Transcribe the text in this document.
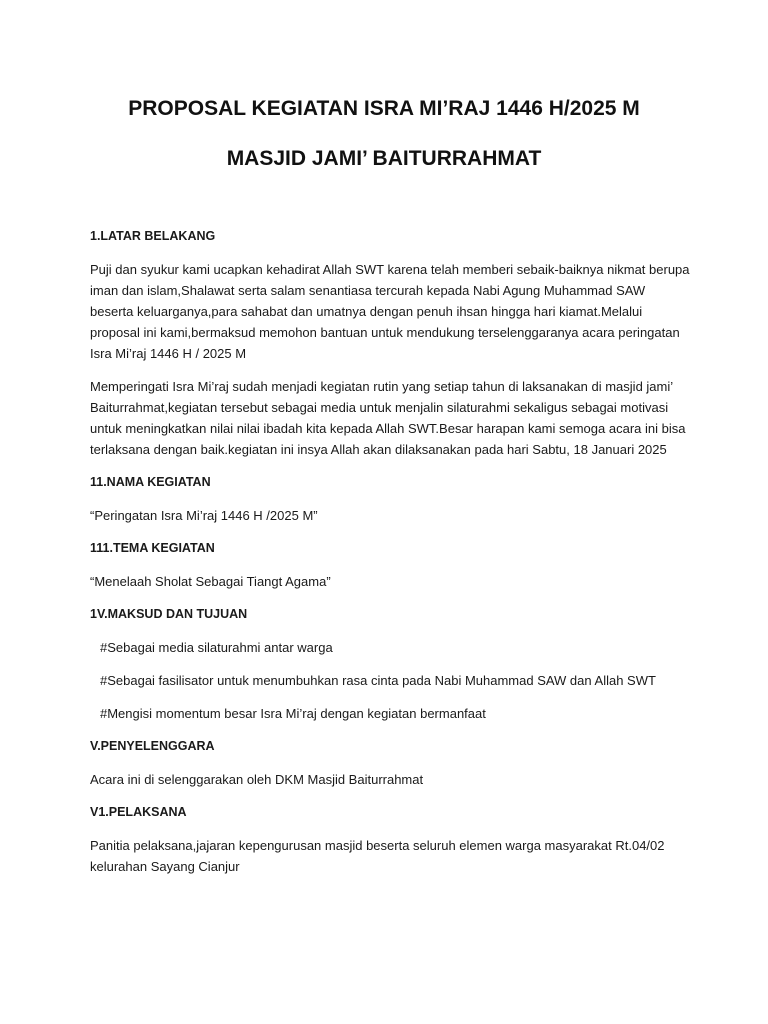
PROPOSAL KEGIATAN ISRA MI’RAJ 1446 H/2025 M
MASJID JAMI’ BAITURRAHMAT
1.LATAR BELAKANG

Puji dan syukur kami ucapkan kehadirat Allah SWT karena telah memberi sebaik-baiknya nikmat berupa iman dan islam,Shalawat serta salam senantiasa tercurah kepada Nabi Agung Muhammad SAW beserta keluarganya,para sahabat dan umatnya dengan penuh ihsan hingga hari kiamat.Melalui proposal ini kami,bermaksud memohon bantuan untuk mendukung terselenggaranya acara peringatan Isra Mi’raj 1446 H / 2025 M

Memperingati Isra Mi’raj sudah menjadi kegiatan rutin yang setiap tahun di laksanakan di masjid jami’ Baiturrahmat,kegiatan tersebut sebagai media untuk menjalin silaturahmi sekaligus sebagai motivasi untuk meningkatkan nilai nilai ibadah kita kepada Allah SWT.Besar harapan kami semoga acara ini bisa terlaksana dengan baik.kegiatan ini insya Allah akan dilaksanakan pada hari Sabtu, 18 Januari 2025

11.NAMA KEGIATAN

“Peringatan Isra Mi’raj 1446 H /2025 M”

111.TEMA KEGIATAN

“Menelaah Sholat Sebagai Tiangt Agama”

1V.MAKSUD DAN TUJUAN

#Sebagai media silaturahmi antar warga

#Sebagai fasilisator untuk menumbuhkan rasa cinta pada Nabi Muhammad SAW dan Allah SWT

#Mengisi momentum besar Isra Mi’raj dengan kegiatan bermanfaat

V.PENYELENGGARA

Acara ini di selenggarakan oleh DKM Masjid Baiturrahmat

V1.PELAKSANA

Panitia pelaksana,jajaran kepengurusan masjid beserta seluruh elemen warga masyarakat Rt.04/02 kelurahan Sayang Cianjur
